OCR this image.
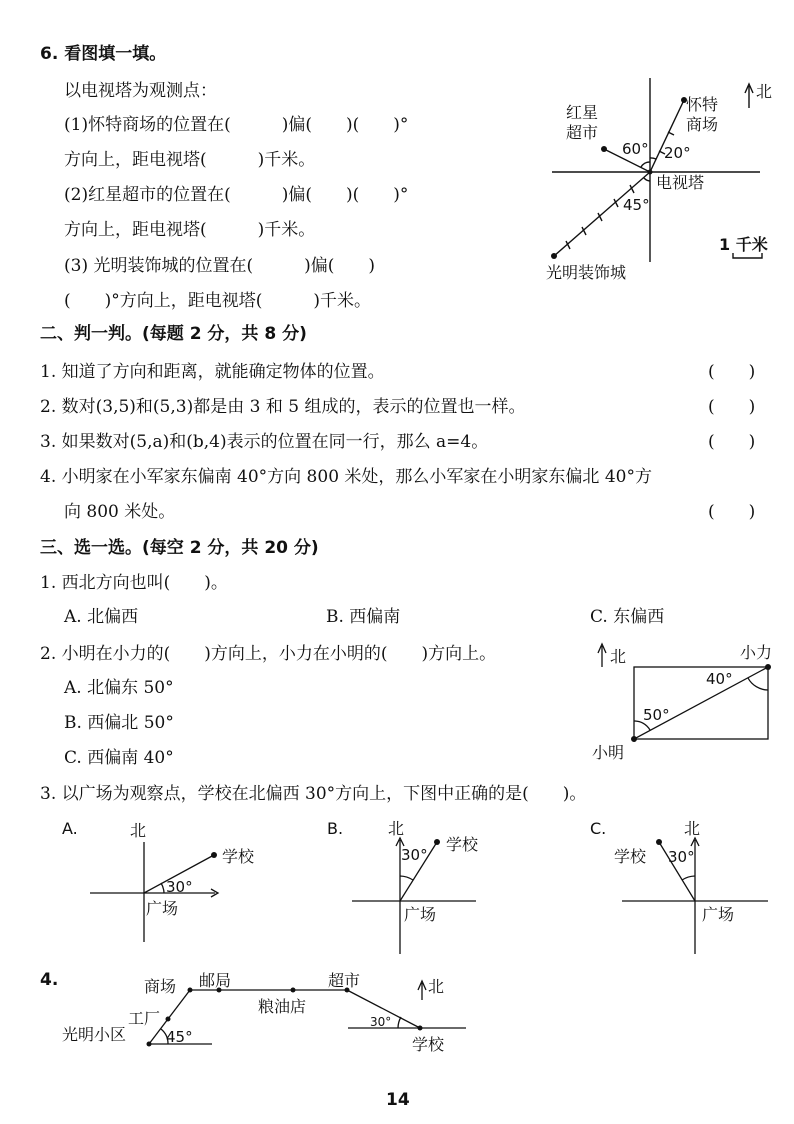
6. 看图填一填。
以电视塔为观测点：
(1)怀特商场的位置在(　　　)偏(　　)(　　)°
方向上，距电视塔(　　　)千米。
(2)红星超市的位置在(　　　)偏(　　)(　　)°
方向上，距电视塔(　　　)千米。
(3) 光明装饰城的位置在(　　　)偏(　　)
(　　)°方向上，距电视塔(　　　)千米。
北
红星
超市
怀特
商场
60° 20°
电视塔
45°
光明装饰城
1 千米
二、判一判。(每题 2 分，共 8 分)
1. 知道了方向和距离，就能确定物体的位置。
2. 数对(3,5)和(5,3)都是由 3 和 5 组成的，表示的位置也一样。
3. 如果数对(5,a)和(b,4)表示的位置在同一行，那么 a=4。
4. 小明家在小军家东偏南 40°方向 800 米处，那么小军家在小明家东偏北 40°方
向 800 米处。
(　　)
(　　)
(　　)
(　　)
三、选一选。(每空 2 分，共 20 分)
1. 西北方向也叫(　　)。
A. 北偏西	B. 西偏南	C. 东偏西
2. 小明在小力的(　　)方向上，小力在小明的(　　)方向上。
A. 北偏东 50°
B. 西偏北 50°
C. 西偏南 40°
北	小力
40°
50°
小明
3. 以广场为观察点，学校在北偏西 30°方向上，下图中正确的是(　　)。
A.	北
学校
30°
广场
B.	北
学校
30°
广场
C.	北
学校 30°
广场
4.	商场 邮局	超市	北
工厂
粮油店
光明小区	45°
30°
学校
14
